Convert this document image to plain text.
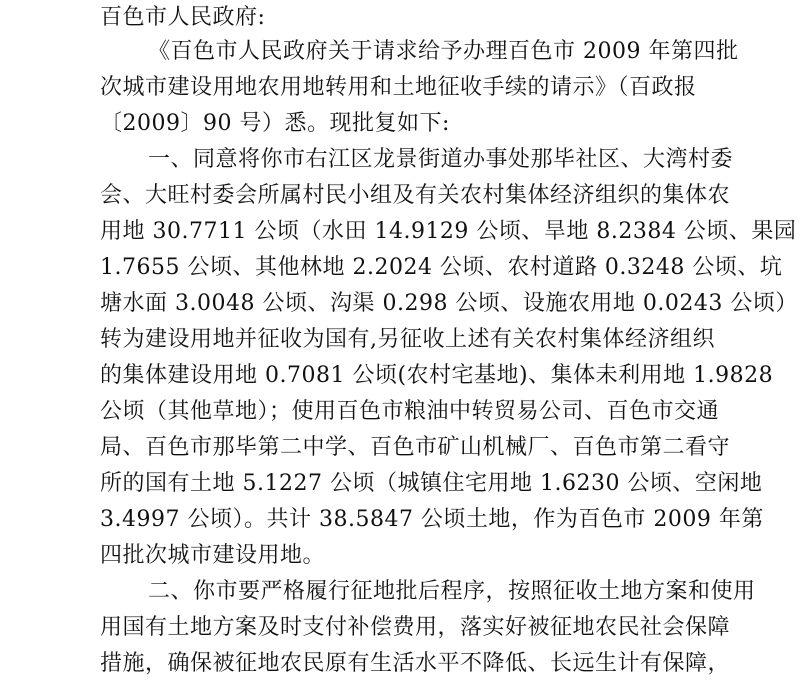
百色市人民政府:
《百色市人民政府关于请求给予办理百色市 2009 年第四批
次城市建设用地农用地转用和土地征收手续的请示》（百政报
〔2009〕90 号）悉。现批复如下:
一、同意将你市右江区龙景街道办事处那毕社区、大湾村委
会、大旺村委会所属村民小组及有关农村集体经济组织的集体农
用地 30.7711 公顷（水田 14.9129 公顷、旱地 8.2384 公顷、果园
1.7655 公顷、其他林地 2.2024 公顷、农村道路 0.3248 公顷、坑
塘水面 3.0048 公顷、沟渠 0.298 公顷、设施农用地 0.0243 公顷）
转为建设用地并征收为国有,另征收上述有关农村集体经济组织
的集体建设用地 0.7081 公顷(农村宅基地)、集体未利用地 1.9828
公顷（其他草地）；使用百色市粮油中转贸易公司、百色市交通
局、百色市那毕第二中学、百色市矿山机械厂、百色市第二看守
所的国有土地 5.1227 公顷（城镇住宅用地 1.6230 公顷、空闲地
3.4997 公顷）。共计 38.5847 公顷土地，作为百色市 2009 年第
四批次城市建设用地。
二、你市要严格履行征地批后程序，按照征收土地方案和使用
用国有土地方案及时支付补偿费用，落实好被征地农民社会保障
措施，确保被征地农民原有生活水平不降低、长远生计有保障，
